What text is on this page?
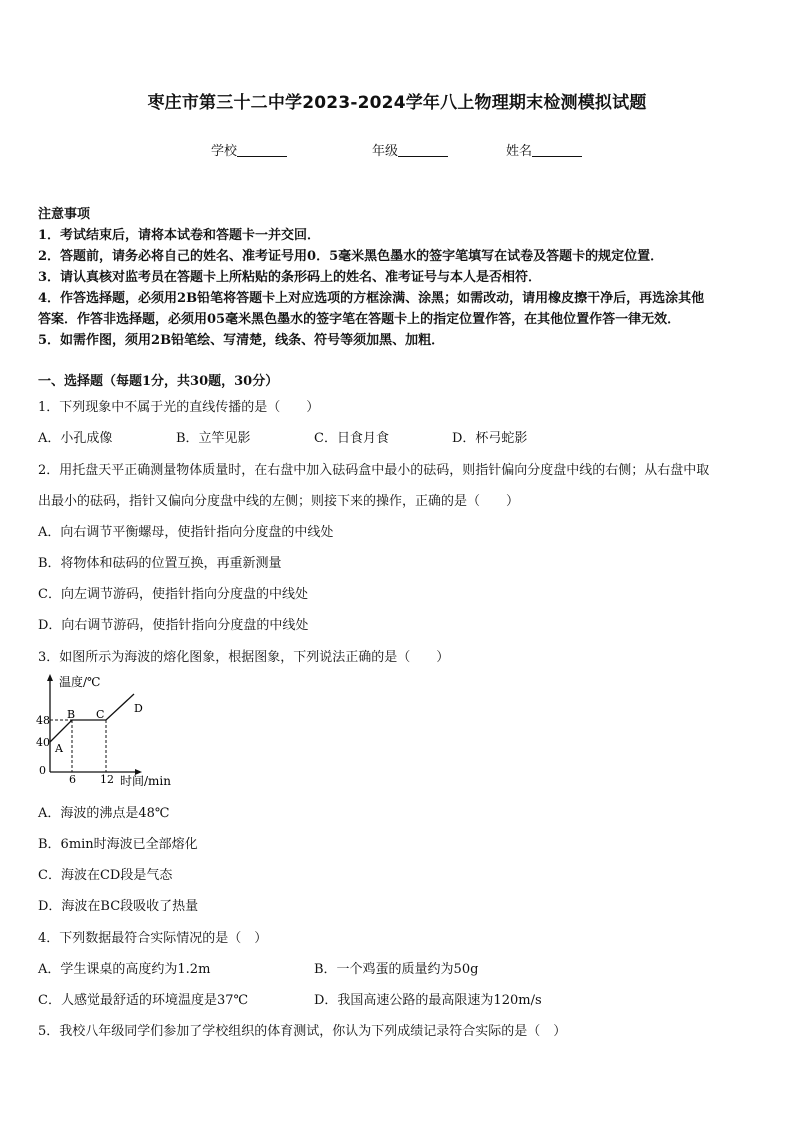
枣庄市第三十二中学2023-2024学年八上物理期末检测模拟试题
学校	年级	姓名
注意事项
1．考试结束后，请将本试卷和答题卡一并交回．
2．答题前，请务必将自己的姓名、准考证号用0．5毫米黑色墨水的签字笔填写在试卷及答题卡的规定位置．
3．请认真核对监考员在答题卡上所粘贴的条形码上的姓名、准考证号与本人是否相符．
4．作答选择题，必须用2B铅笔将答题卡上对应选项的方框涂满、涂黑；如需改动，请用橡皮擦干净后，再选涂其他
答案．作答非选择题，必须用05毫米黑色墨水的签字笔在答题卡上的指定位置作答，在其他位置作答一律无效．
5．如需作图，须用2B铅笔绘、写清楚，线条、符号等须加黑、加粗．
一、选择题（每题1分，共30题，30分）
1．下列现象中不属于光的直线传播的是（　　）
A．小孔成像	B．立竿见影	C．日食月食	D．杯弓蛇影
2．用托盘天平正确测量物体质量时，在右盘中加入砝码盒中最小的砝码，则指针偏向分度盘中线的右侧；从右盘中取
出最小的砝码，指针又偏向分度盘中线的左侧；则接下来的操作，正确的是（　　）
A．向右调节平衡螺母，使指针指向分度盘的中线处
B．将物体和砝码的位置互换，再重新测量
C．向左调节游码，使指针指向分度盘的中线处
D．向右调节游码，使指针指向分度盘的中线处
3．如图所示为海波的熔化图象，根据图象，下列说法正确的是（　　）
温度/℃
时间/min
48
40
0
6 12
A
B C	D
A．海波的沸点是48℃
B．6min时海波已全部熔化
C．海波在CD段是气态
D．海波在BC段吸收了热量
4．下列数据最符合实际情况的是（　）
A．学生课桌的高度约为1.2m	B．一个鸡蛋的质量约为50g
C．人感觉最舒适的环境温度是37℃	D．我国高速公路的最高限速为120m/s
5．我校八年级同学们参加了学校组织的体育测试，你认为下列成绩记录符合实际的是（　）
